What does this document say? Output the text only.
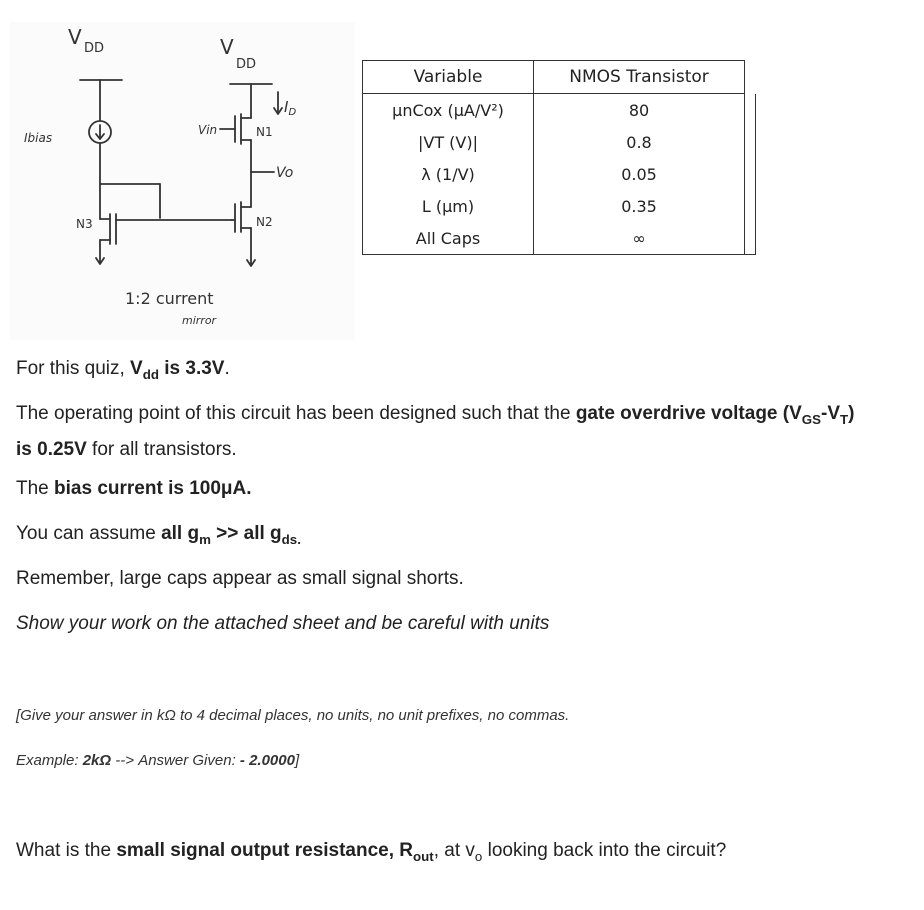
V DD
Ibias
N3
V
DD
Vin	N1
$I_D$
Vo
N2
1:2 current
mirror
Variable	NMOS Transistor	
μnCox (μA/V²)	80	
|VT (V)|	0.8	
λ (1/V)	0.05	
L (μm)	0.35	
All Caps	∞	
For this quiz, $V_{dd}$ is 3.3V.
The operating point of this circuit has been designed such that the gate overdrive voltage $(V_{GS}-V_T)$
is 0.25V for all transistors.
The bias current is 100μA.
You can assume all $g_m$ >> all $g_{ds.}$
Remember, large caps appear as small signal shorts.
Show your work on the attached sheet and be careful with units
[Give your answer in kΩ to 4 decimal places, no units, no unit prefixes, no commas.
Example: 2kΩ --> Answer Given: - 2.0000]
What is the small signal output resistance, $R_{out}$, at $v_o$ looking back into the circuit?
